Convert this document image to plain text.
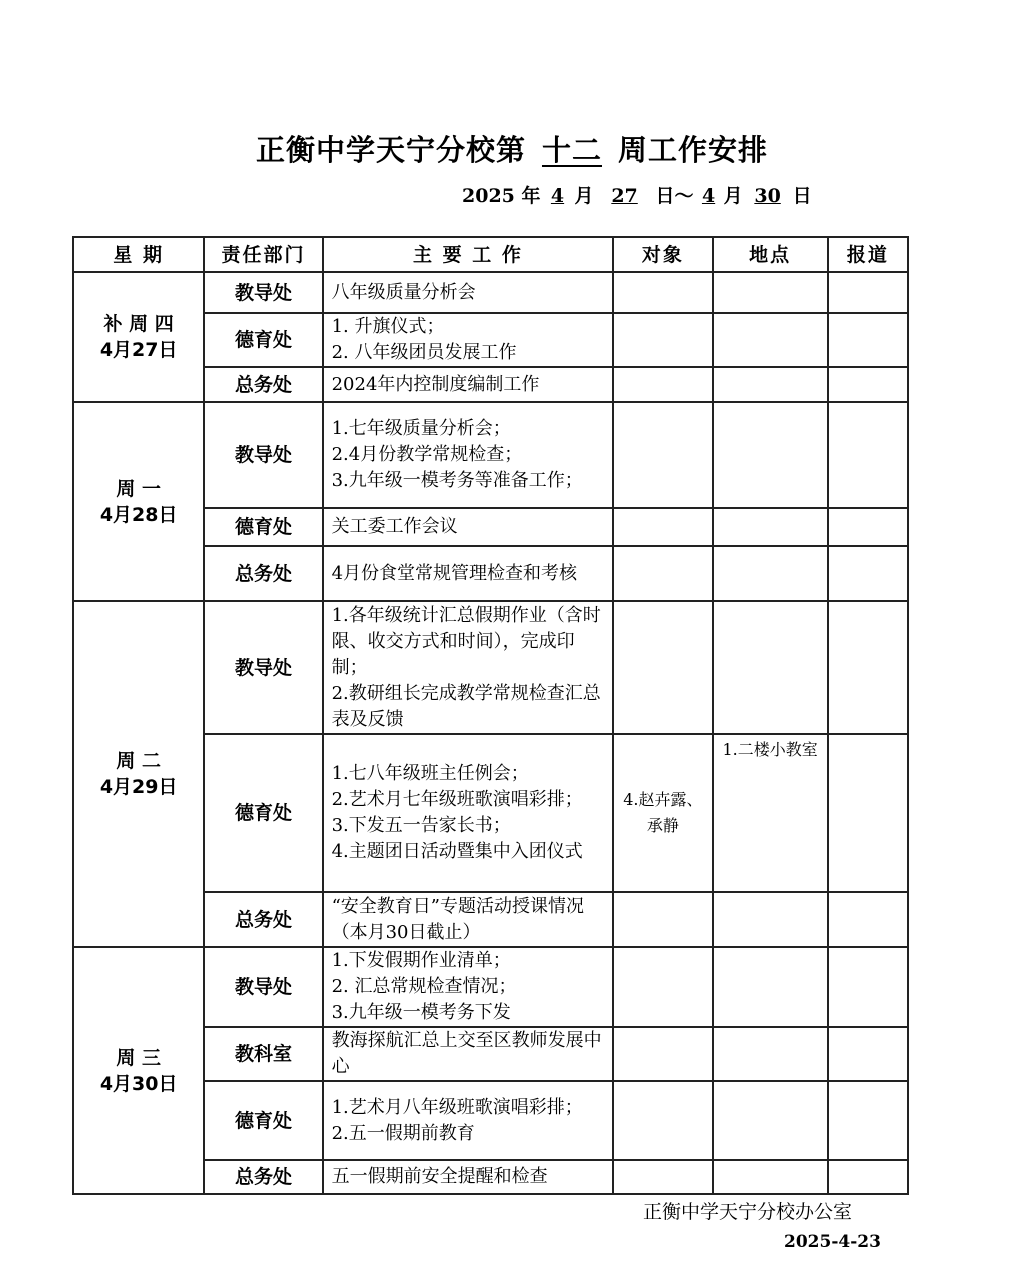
正衡中学天宁分校第 十二 周工作安排
2025 年 4 月 27 日～ 4 月 30 日
星 期	责任部门	主 要 工 作	对象	地点	报道

补 周 四
4月27日	教导处	八年级质量分析会			

	德育处	1. 升旗仪式；
2. 八年级团员发展工作			

	总务处	2024年内控制度编制工作			

周 一
4月28日	教导处	1.七年级质量分析会；
2.4月份教学常规检查；
3.九年级一模考务等准备工作；			

	德育处	关工委工作会议			

	总务处	4月份食堂常规管理检查和考核			

周 二
4月29日	教导处	1.各年级统计汇总假期作业（含时限、收交方式和时间），完成印制；
2.教研组长完成教学常规检查汇总表及反馈			

	德育处	1.七八年级班主任例会；
2.艺术月七年级班歌演唱彩排；
3.下发五一告家长书；
4.主题团日活动暨集中入团仪式	4.赵卉露、承静	1.二楼小教室	
	总务处	“安全教育日”专题活动授课情况（本月30日截止）			

周 三
4月30日	教导处	1.下发假期作业清单；
2. 汇总常规检查情况；
3.九年级一模考务下发			

	教科室	教海探航汇总上交至区教师发展中心			

	德育处	1.艺术月八年级班歌演唱彩排；
2.五一假期前教育			

	总务处	五一假期前安全提醒和检查			

正衡中学天宁分校办公室
2025-4-23
